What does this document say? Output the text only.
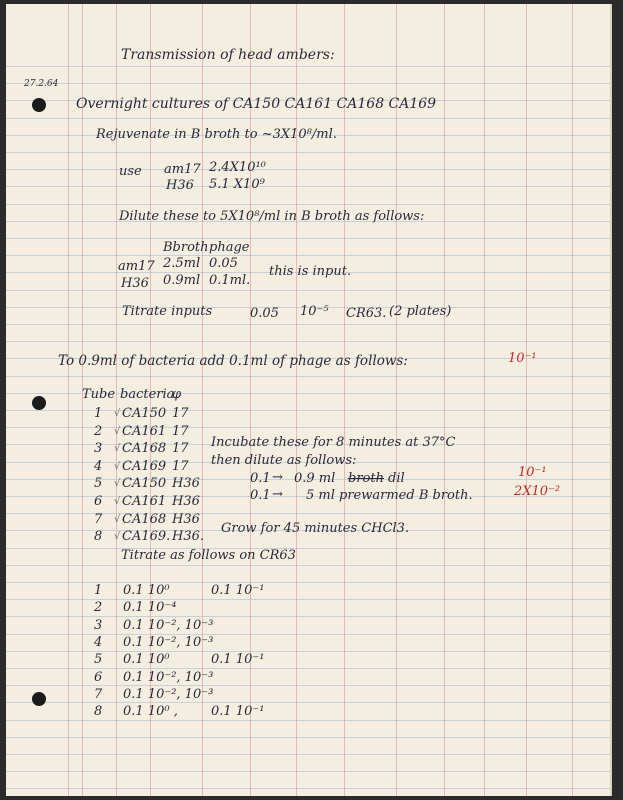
Transmission of head ambers:
27.2.64
Overnight cultures of CA150 CA161 CA168 CA169
Rejuvenate in B broth to ~3X10⁸/ml.
use am17 2.4X10¹⁰
H36 5.1 X10⁹
Dilute these to 5X10⁸/ml in B broth as follows:
Bbroth phage
am17 2.5ml 0.05
H36 0.9ml 0.1ml.
this is input.
Titrate inputs	0.05 10⁻⁵ CR63. (2 plates)
To 0.9ml of bacteria add 0.1ml of phage as follows:	10⁻¹
Tube bacteria
φ
1 √ CA150 17
2 √ CA161 17
3 √ CA168 17
4 √ CA169 17
5 √ CA150 H36
6 √ CA161 H36
7 √ CA168 H36
8 √ CA169. H36.
Incubate these for 8 minutes at 37°C
then dilute as follows:
0.1 → 0.9 ml broth dil	10⁻¹
0.1 → 5 ml prewarmed B broth.	2X10⁻²
Grow for 45 minutes CHCl3.
Titrate as follows on CR63
1 0.1 10⁰	0.1 10⁻¹
2 0.1 10⁻⁴
3 0.1 10⁻², 10⁻³
4 0.1 10⁻², 10⁻³
5 0.1 10⁰	0.1 10⁻¹
6 0.1 10⁻², 10⁻³
7 0.1 10⁻², 10⁻³
8 0.1 10⁰ ,	0.1 10⁻¹
